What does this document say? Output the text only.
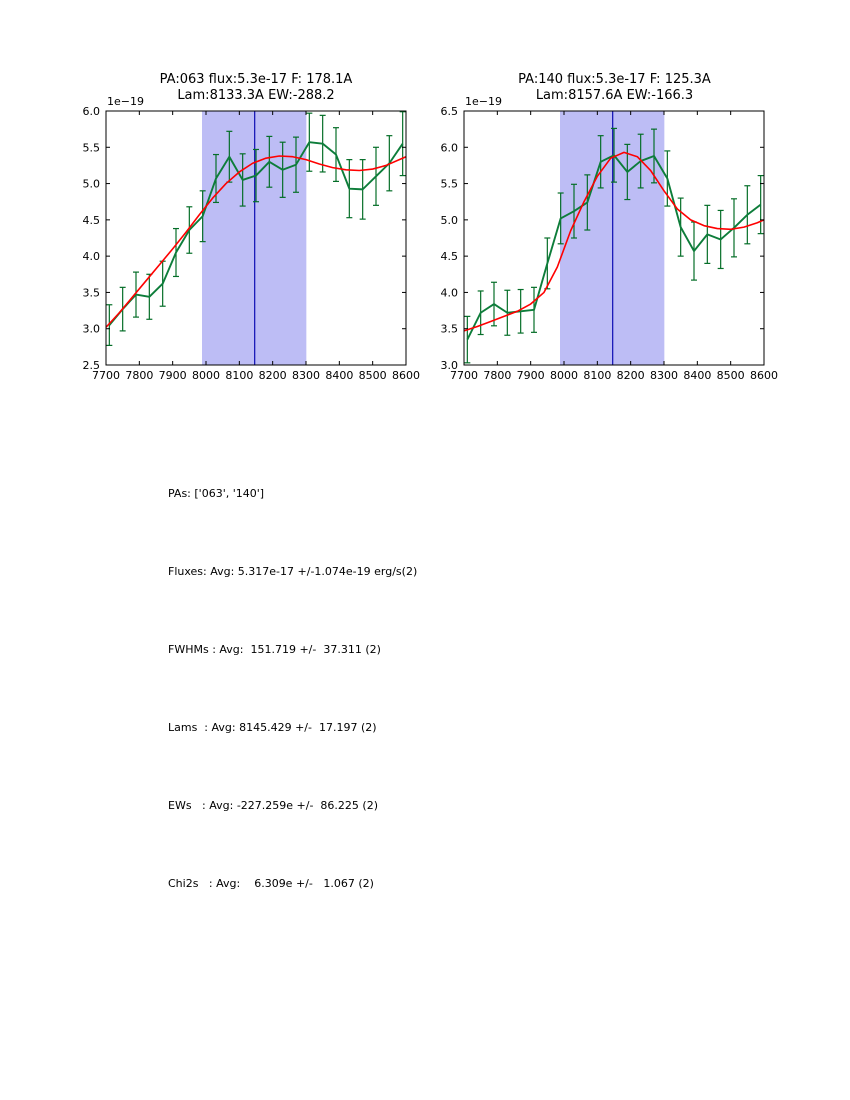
PA:063 flux:5.3e-17 F: 178.1A
Lam:8133.3A EW:-288.2
PA:140 flux:5.3e-17 F: 125.3A
Lam:8157.6A EW:-166.3
7700 7800 7900 8000 8100 8200 8300 8400 8500 8600
2.5
3.0
3.5
4.0
4.5
5.0
5.5
6.0
1e−19
7700 7800 7900 8000 8100 8200 8300 8400 8500 8600
3.0
3.5
4.0
4.5
5.0
5.5
6.0
6.5
1e−19

PAs: ['063', '140']

Fluxes: Avg: 5.317e-17 +/-1.074e-19 erg/s(2)

FWHMs : Avg:  151.719 +/-  37.311 (2)

Lams  : Avg: 8145.429 +/-  17.197 (2)

EWs   : Avg: -227.259e +/-  86.225 (2)

Chi2s   : Avg:    6.309e +/-   1.067 (2)
